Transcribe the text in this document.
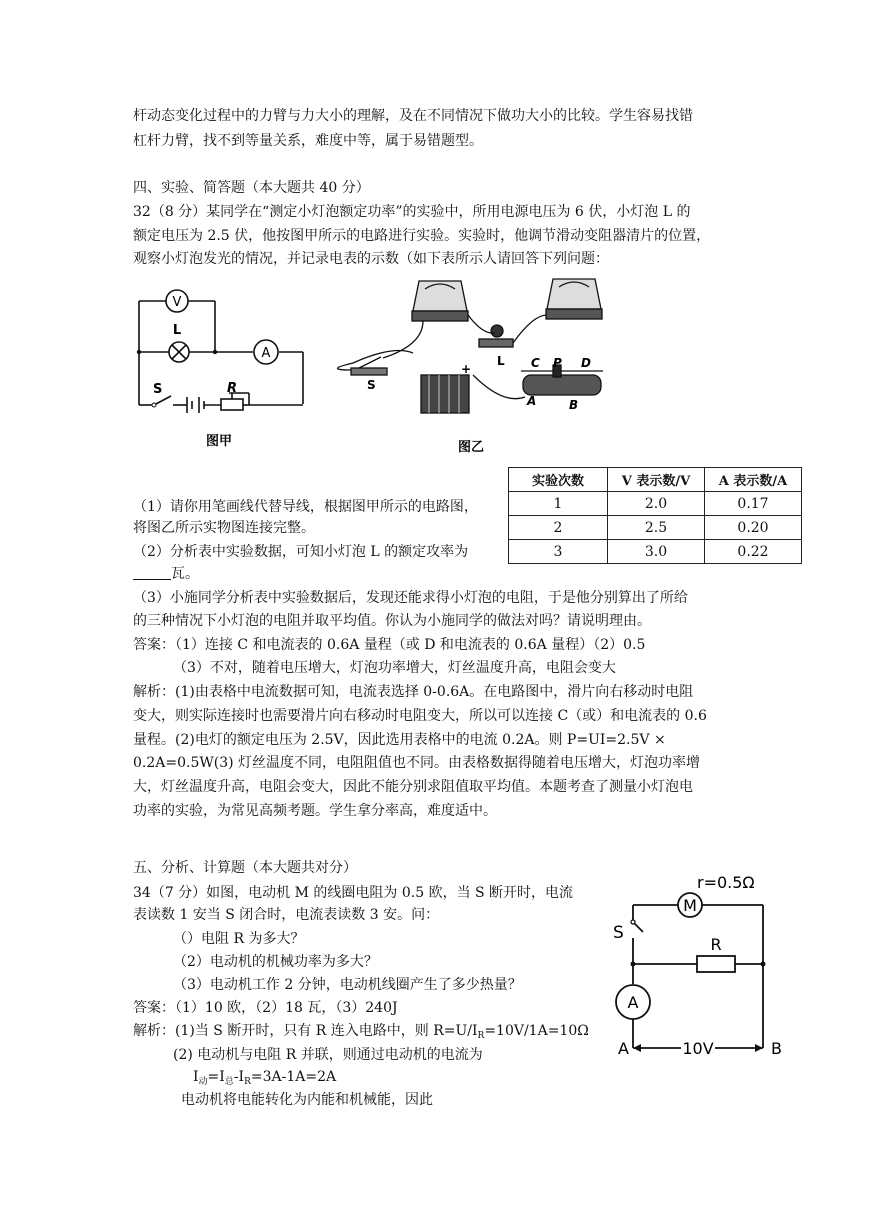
杆动态变化过程中的力臂与力大小的理解，及在不同情况下做功大小的比较。学生容易找错
杠杆力臂，找不到等量关系，难度中等，属于易错题型。
四、实验、简答题（本大题共 40 分）
32（8 分）某同学在“测定小灯泡额定功率”的实验中，所用电源电压为 6 伏，小灯泡 L 的
额定电压为 2.5 伏，他按图甲所示的电路进行实验。实验时，他调节滑动变阻器清片的位置，
观察小灯泡发光的情况，并记录电表的示数（如下表所示人请回答下列问题：
V
A
L
S	R
图甲
L
S
C P D
A	B
+
图乙
实验次数	V 表示数/V	A 表示数/A
1	2.0	0.17
2	2.5	0.20
3	3.0	0.22
（1）请你用笔画线代替导线，根据图甲所示的电路图，
将图乙所示实物图连接完整。
（2）分析表中实验数据，可知小灯泡 L 的额定攻率为
瓦。
（3）小施同学分析表中实验数据后，发现还能求得小灯泡的电阻，于是他分别算出了所给
的三种情况下小灯泡的电阻并取平均值。你认为小施同学的做法对吗？请说明理由。
答案：（1）连接 C 和电流表的 0.6A 量程（或 D 和电流表的 0.6A 量程）（2）0.5
（3）不对，随着电压增大，灯泡功率增大，灯丝温度升高，电阻会变大
解析：(1)由表格中电流数据可知，电流表选择 0-0.6A。在电路图中，滑片向右移动时电阻
变大，则实际连接时也需要滑片向右移动时电阻变大，所以可以连接 C（或）和电流表的 0.6
量程。(2)电灯的额定电压为 2.5V，因此选用表格中的电流 0.2A。则 P=UI=2.5V ×
0.2A=0.5W(3) 灯丝温度不同，电阻阻值也不同。由表格数据得随着电压增大，灯泡功率增
大，灯丝温度升高，电阻会变大，因此不能分别求阻值取平均值。本题考查了测量小灯泡电
功率的实验，为常见高频考题。学生拿分率高，难度适中。
五、分析、计算题（本大题共对分）
34（7 分）如图，电动机 M 的线圈电阻为 0.5 欧，当 S 断开时，电流
表读数 1 安当 S 闭合时，电流表读数 3 安。问：
（）电阻 R 为多大？
（2）电动机的机械功率为多大？
（3）电动机工作 2 分钟，电动机线圈产生了多少热量？
答案：（1）10 欧，（2）18 瓦，（3）240J
解析：(1)当 S 断开时，只有 R 连入电路中，则 $R=U/I_R=10V/1A=10\Omega$
(2) 电动机与电阻 R 并联，则通过电动机的电流为
$I_动=I_总-I_R=3A-1A=2A$
电动机将电能转化为内能和机械能，因此
r=0.5Ω
M
S
R
A
A	10V	B
